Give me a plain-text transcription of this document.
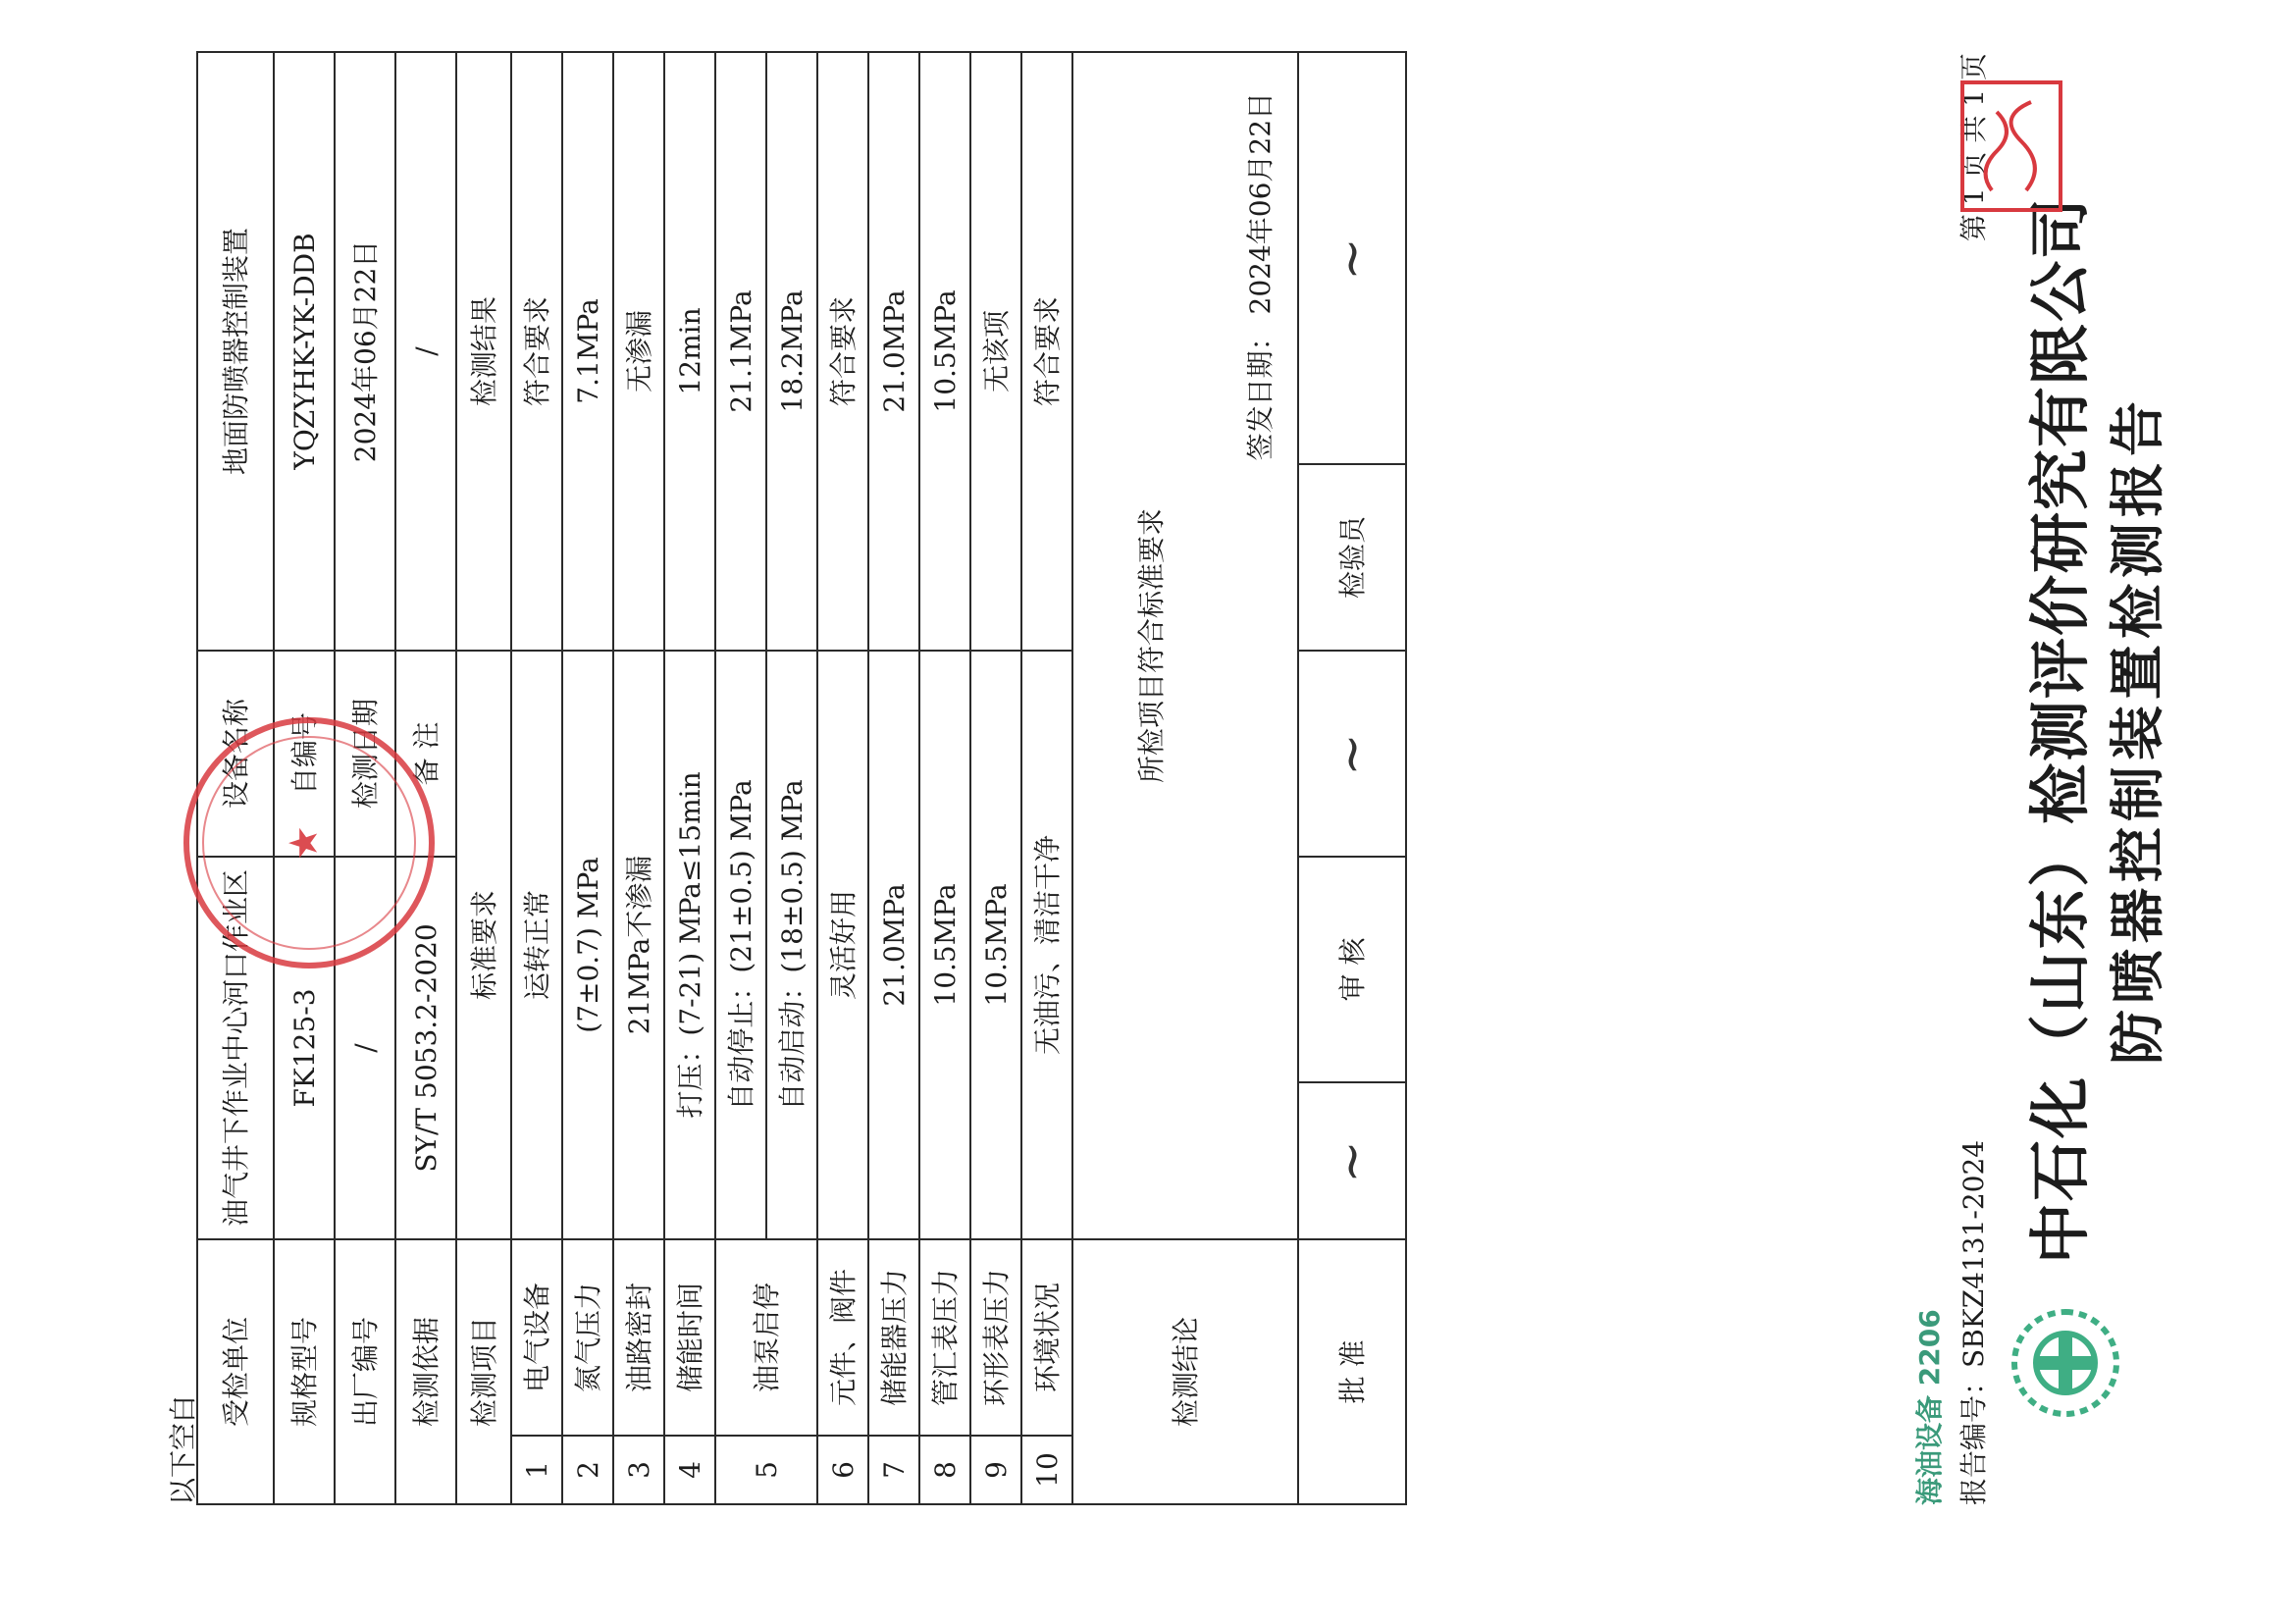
中石化（山东）检测评价研究有限公司 防喷器控制装置检测报告
海油设备 2206 报告编号：SBKZ4131-2024
第 1 页 共 1 页
受检单位		油气井下作业中心河口作业区		设备名称	地面防喷器控制装置	
规格型号		FK125-3		自编号	YQZYHK-YK-DDB	
出厂编号		/		检测日期	2024年06月22日	
检测依据		SY/T 5053.2-2020		备 注	/	
检测项目		标准要求			检测结果	
1	电气设备	运转正常			符合要求	
2	氮气压力	(7±0.7) MPa			7.1MPa	
3	油路密封	21MPa不渗漏			无渗漏	
4	储能时间	打压：(7-21) MPa≤15min			12min	
5	油泵启停	自动停止：(21±0.5) MPa			21.1MPa	
		自动启动：(18±0.5) MPa			18.2MPa	
6	元件、阀件	灵活好用			符合要求	
7	储能器压力	21.0MPa			21.0MPa	
8	管汇表压力	10.5MPa			10.5MPa	
9	环形表压力	10.5MPa			无该项	
10	环境状况	无油污、清洁干净			符合要求	
检测结论		所检项目符合标准要求
签发日期： 2024年06月22日				

批 准		~	审 核	~	检验员	~
★
以下空白
